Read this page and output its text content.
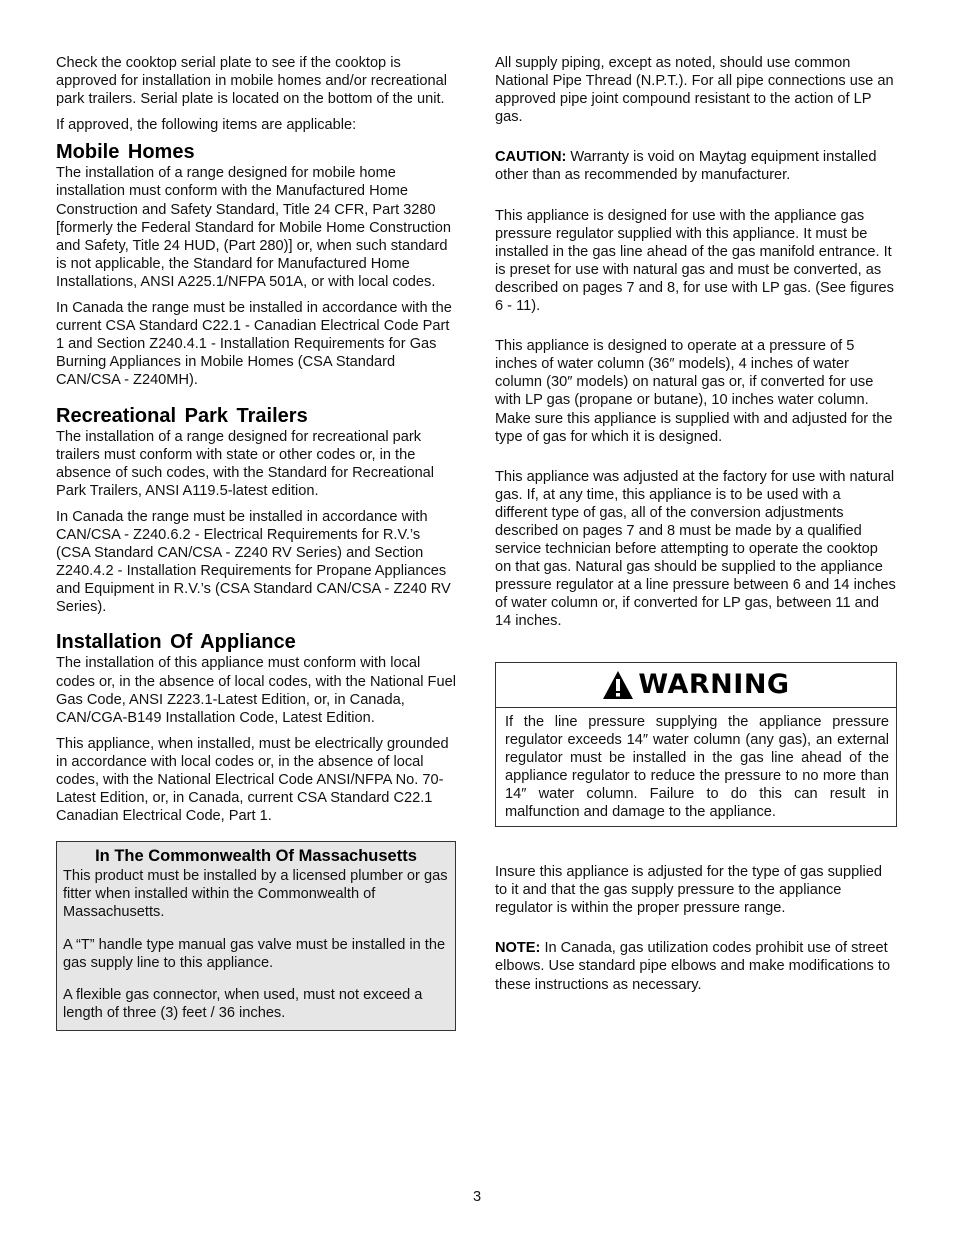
Check the cooktop serial plate to see if the cooktop is approved for installation in mobile homes and/or recreational park trailers. Serial plate is located on the bottom of the unit.

If approved, the following items are applicable:

Mobile Homes

The installation of a range designed for mobile home installation must conform with the Manufactured Home Construction and Safety Standard, Title 24 CFR, Part 3280 [formerly the Federal Standard for Mobile Home Construction and Safety, Title 24 HUD, (Part 280)] or, when such standard is not applicable, the Standard for Manufactured Home Installations, ANSI A225.1/NFPA 501A, or with local codes.

In Canada the range must be installed in accordance with the current CSA Standard C22.1 - Canadian Electrical Code Part 1 and Section Z240.4.1 - Installation Requirements for Gas Burning Appliances in Mobile Homes (CSA Standard CAN/CSA - Z240MH).

Recreational Park Trailers

The installation of a range designed for recreational park trailers must conform with state or other codes or, in the absence of such codes, with the Standard for Recreational Park Trailers, ANSI A119.5-latest edition.

In Canada the range must be installed in accordance with CAN/CSA - Z240.6.2 - Electrical Requirements for R.V.’s (CSA Standard CAN/CSA - Z240 RV Series) and Section Z240.4.2 - Installation Requirements for Propane Appliances and Equipment in R.V.’s (CSA Standard CAN/CSA - Z240 RV Series).

Installation Of Appliance

The installation of this appliance must conform with local codes or, in the absence of local codes, with the National Fuel Gas Code, ANSI Z223.1-Latest Edition, or, in Canada, CAN/CGA-B149 Installation Code, Latest Edition.

This appliance, when installed, must be electrically grounded in accordance with local codes or, in the absence of local codes, with the National Electrical Code ANSI/NFPA No. 70-Latest Edition, or, in Canada, current CSA Standard C22.1 Canadian Electrical Code, Part 1.

In The Commonwealth Of Massachusetts

This product must be installed by a licensed plumber or gas fitter when installed within the Commonwealth of Massachusetts.

A “T” handle type manual gas valve must be installed in the gas supply line to this appliance.

A flexible gas connector, when used, must not exceed a length of three (3) feet / 36 inches.

All supply piping, except as noted, should use common National Pipe Thread (N.P.T.). For all pipe connections use an approved pipe joint compound resistant to the action of LP gas.

CAUTION: Warranty is void on Maytag equipment installed other than as recommended by manufacturer.

This appliance is designed for use with the appliance gas pressure regulator supplied with this appliance. It must be installed in the gas line ahead of the gas manifold entrance. It is preset for use with natural gas and must be converted, as described on pages 7 and 8, for use with LP gas. (See figures 6 - 11).

This appliance is designed to operate at a pressure of 5 inches of water column (36″ models), 4 inches of water column (30″ models) on natural gas or, if converted for use with LP gas (propane or butane), 10 inches water column. Make sure this appliance is supplied with and adjusted for the type of gas for which it is designed.

This appliance was adjusted at the factory for use with natural gas. If, at any time, this appliance is to be used with a different type of gas, all of the conversion adjustments described on pages 7 and 8 must be made by a qualified service technician before attempting to operate the cooktop on that gas. Natural gas should be supplied to the appliance pressure regulator at a line pressure between 6 and 14 inches of water column or, if converted for LP gas, between 11 and 14 inches.

WARNING
If the line pressure supplying the appliance pressure regulator exceeds 14″ water column (any gas), an external regulator must be installed in the gas line ahead of the appliance regulator to reduce the pressure to no more than 14″ water column. Failure to do this can result in malfunction and damage to the appliance.

Insure this appliance is adjusted for the type of gas supplied to it and that the gas supply pressure to the appliance regulator is within the proper pressure range.

NOTE: In Canada, gas utilization codes prohibit use of street elbows. Use standard pipe elbows and make modifications to these instructions as necessary.

3
